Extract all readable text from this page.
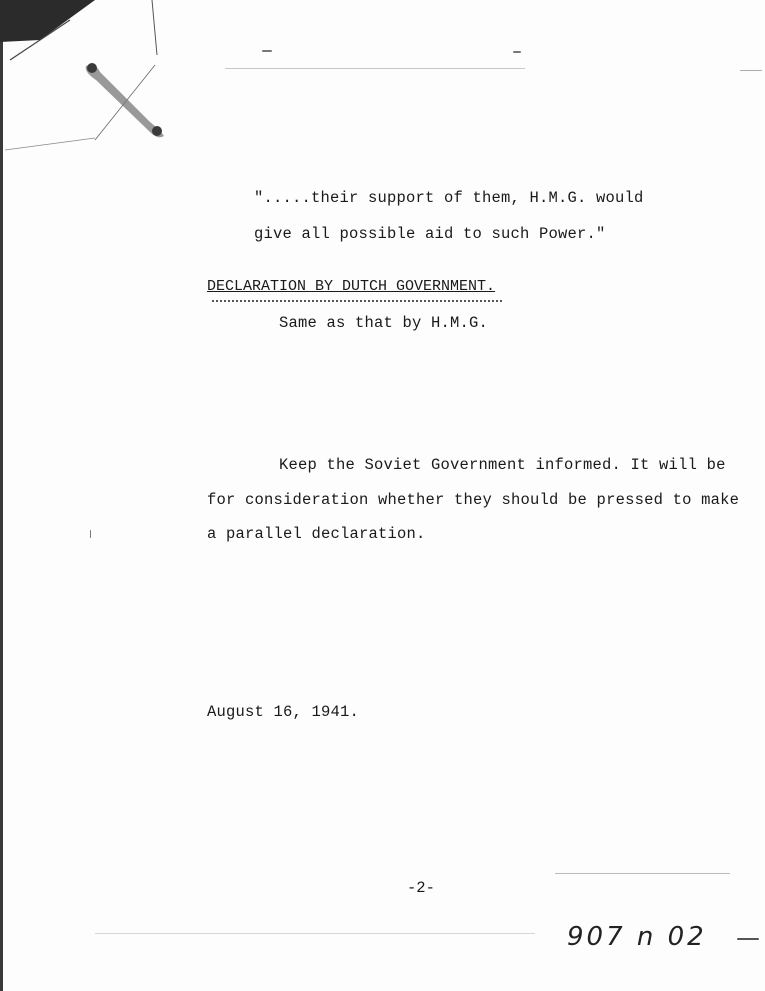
".....their support of them, H.M.G. would
give all possible aid to such Power."
DECLARATION BY DUTCH GOVERNMENT.
Same as that by H.M.G.
Keep the Soviet Government informed. It will be
for consideration whether they should be pressed to make
a parallel declaration.
August 16, 1941.
-2-
907 n 02
